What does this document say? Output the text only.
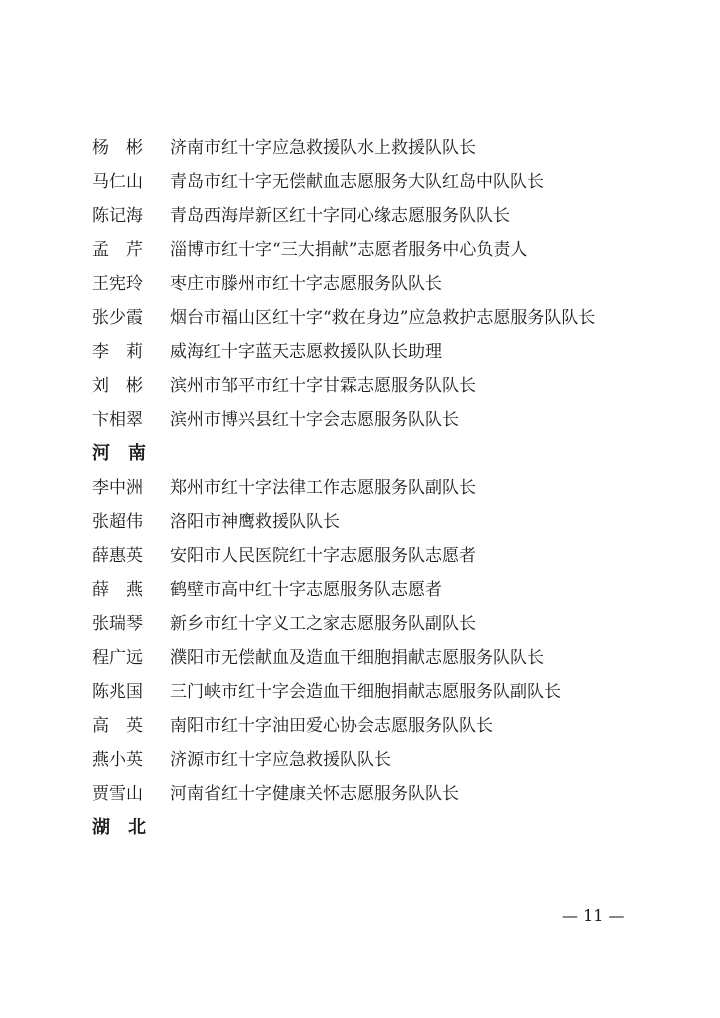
杨彬 济南市红十字应急救援队水上救援队队长
马仁山	青岛市红十字无偿献血志愿服务大队红岛中队队长
陈记海	青岛西海岸新区红十字同心缘志愿服务队队长
孟芹 淄博市红十字“三大捐献”志愿者服务中心负责人
王宪玲	枣庄市滕州市红十字志愿服务队队长
张少霞	烟台市福山区红十字“救在身边”应急救护志愿服务队队长
李莉 威海红十字蓝天志愿救援队队长助理
刘彬 滨州市邹平市红十字甘霖志愿服务队队长
卞相翠	滨州市博兴县红十字会志愿服务队队长
河南
李中洲	郑州市红十字法律工作志愿服务队副队长
张超伟	洛阳市神鹰救援队队长
薛惠英	安阳市人民医院红十字志愿服务队志愿者
薛燕 鹤壁市高中红十字志愿服务队志愿者
张瑞琴	新乡市红十字义工之家志愿服务队副队长
程广远	濮阳市无偿献血及造血干细胞捐献志愿服务队队长
陈兆国	三门峡市红十字会造血干细胞捐献志愿服务队副队长
高英 南阳市红十字油田爱心协会志愿服务队队长
燕小英	济源市红十字应急救援队队长
贾雪山	河南省红十字健康关怀志愿服务队队长
湖北
— 11 —
